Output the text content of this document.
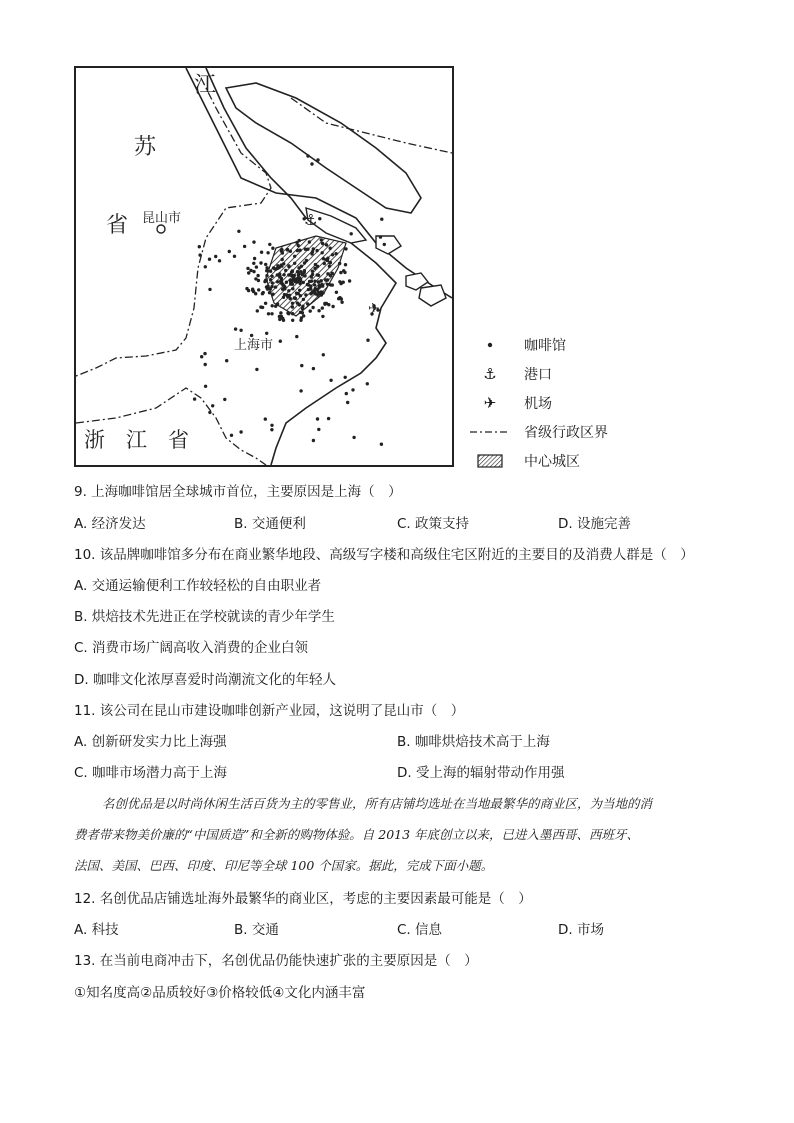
⚓
✈
江
苏
省 昆山市
上海市
浙　江　省
咖啡馆
⚓	港口
✈	机场
省级行政区界
中心城区
9. 上海咖啡馆居全球城市首位，主要原因是上海（　）
A. 经济发达	B. 交通便利	C. 政策支持	D. 设施完善
10. 该品牌咖啡馆多分布在商业繁华地段、高级写字楼和高级住宅区附近的主要目的及消费人群是（　）
A. 交通运输便利工作较轻松的自由职业者
B. 烘焙技术先进正在学校就读的青少年学生
C. 消费市场广阔高收入消费的企业白领
D. 咖啡文化浓厚喜爱时尚潮流文化的年轻人
11. 该公司在昆山市建设咖啡创新产业园，这说明了昆山市（　）
A. 创新研发实力比上海强	B. 咖啡烘焙技术高于上海
C. 咖啡市场潜力高于上海	D. 受上海的辐射带动作用强
名创优品是以时尚休闲生活百货为主的零售业，所有店铺均选址在当地最繁华的商业区，为当地的消
费者带来物美价廉的“中国质造”和全新的购物体验。自 2013 年底创立以来，已进入墨西哥、西班牙、
法国、美国、巴西、印度、印尼等全球 100 个国家。据此，完成下面小题。
12. 名创优品店铺选址海外最繁华的商业区，考虑的主要因素最可能是（　）
A. 科技	B. 交通	C. 信息	D. 市场
13. 在当前电商冲击下，名创优品仍能快速扩张的主要原因是（　）
①知名度高②品质较好③价格较低④文化内涵丰富
